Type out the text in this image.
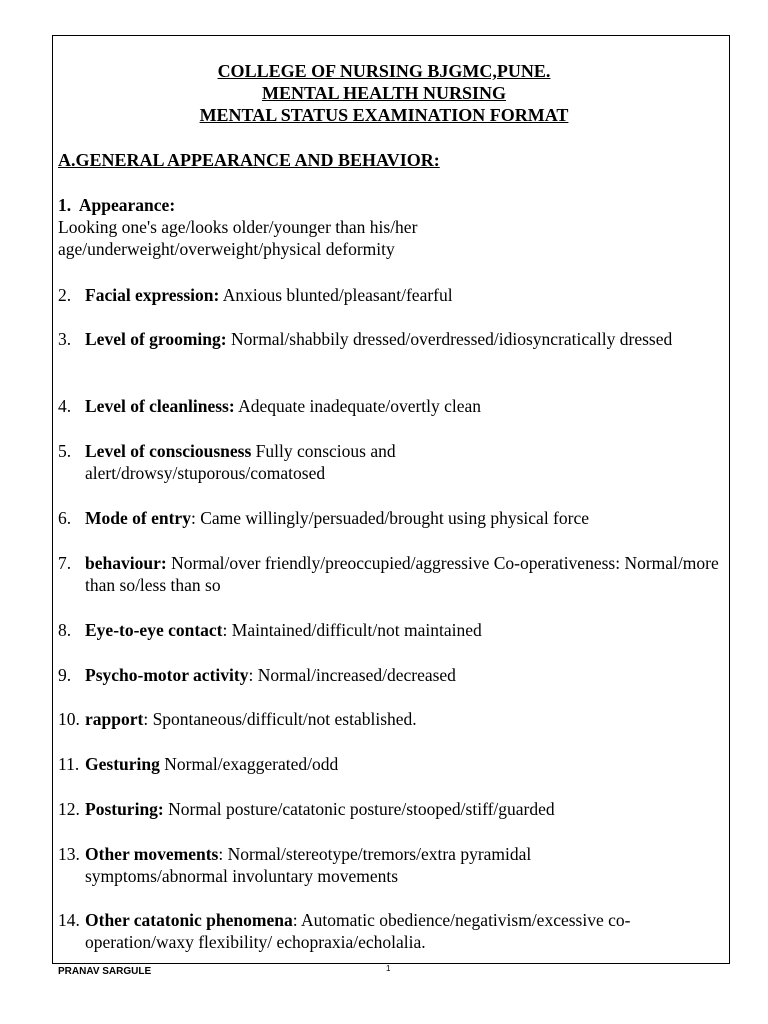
COLLEGE OF NURSING BJGMC,PUNE.
MENTAL HEALTH NURSING
MENTAL STATUS EXAMINATION FORMAT
A.GENERAL APPEARANCE AND BEHAVIOR:
1. Appearance:
Looking one's age/looks older/younger than his/her
age/underweight/overweight/physical deformity
2. Facial expression: Anxious blunted/pleasant/fearful
3. Level of grooming: Normal/shabbily dressed/overdressed/idiosyncratically dressed
4. Level of cleanliness: Adequate inadequate/overtly clean
5. Level of consciousness Fully conscious and alert/drowsy/stuporous/comatosed
6. Mode of entry: Came willingly/persuaded/brought using physical force
7. behaviour: Normal/over friendly/preoccupied/aggressive Co-operativeness: Normal/more than so/less than so
8. Eye-to-eye contact: Maintained/difficult/not maintained
9. Psycho-motor activity: Normal/increased/decreased
10. rapport: Spontaneous/difficult/not established.
11. Gesturing Normal/exaggerated/odd
12. Posturing: Normal posture/catatonic posture/stooped/stiff/guarded
13. Other movements: Normal/stereotype/tremors/extra pyramidal symptoms/abnormal involuntary movements
14. Other catatonic phenomena: Automatic obedience/negativism/excessive co-operation/waxy flexibility/ echopraxia/echolalia.
PRANAV SARGULE	1
